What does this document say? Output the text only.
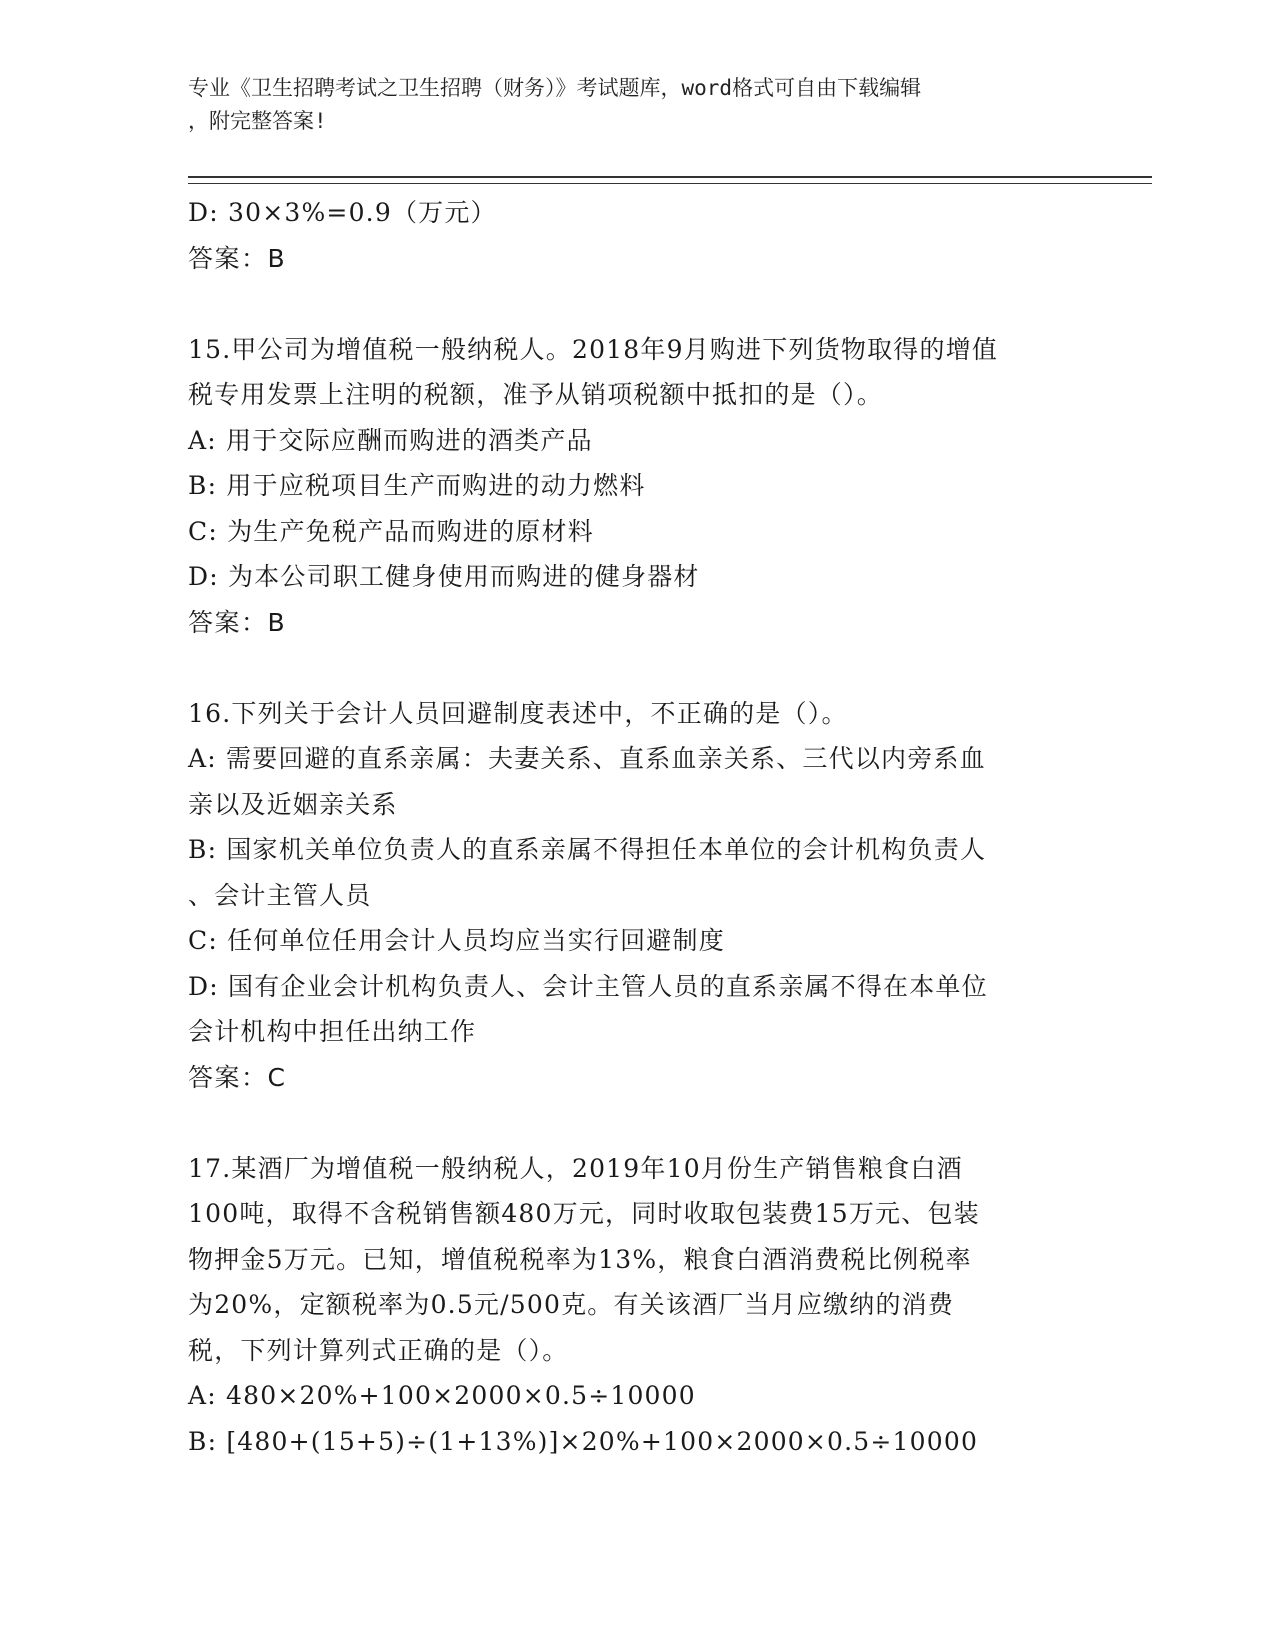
专业《卫生招聘考试之卫生招聘（财务）》考试题库，word格式可自由下载编辑
，附完整答案!
D: 30×3%=0.9（万元）
答案：B
15.甲公司为增值税一般纳税人。2018年9月购进下列货物取得的增值
税专用发票上注明的税额，准予从销项税额中抵扣的是（）。
A: 用于交际应酬而购进的酒类产品
B: 用于应税项目生产而购进的动力燃料
C: 为生产免税产品而购进的原材料
D: 为本公司职工健身使用而购进的健身器材
答案：B
16.下列关于会计人员回避制度表述中，不正确的是（）。
A: 需要回避的直系亲属：夫妻关系、直系血亲关系、三代以内旁系血
亲以及近姻亲关系
B: 国家机关单位负责人的直系亲属不得担任本单位的会计机构负责人
、会计主管人员
C: 任何单位任用会计人员均应当实行回避制度
D: 国有企业会计机构负责人、会计主管人员的直系亲属不得在本单位
会计机构中担任出纳工作
答案：C
17.某酒厂为增值税一般纳税人，2019年10月份生产销售粮食白酒
100吨，取得不含税销售额480万元，同时收取包装费15万元、包装
物押金5万元。已知，增值税税率为13%，粮食白酒消费税比例税率
为20%，定额税率为0.5元/500克。有关该酒厂当月应缴纳的消费
税，下列计算列式正确的是（）。
A: 480×20%+100×2000×0.5÷10000
B: [480+(15+5)÷(1+13%)]×20%+100×2000×0.5÷10000
